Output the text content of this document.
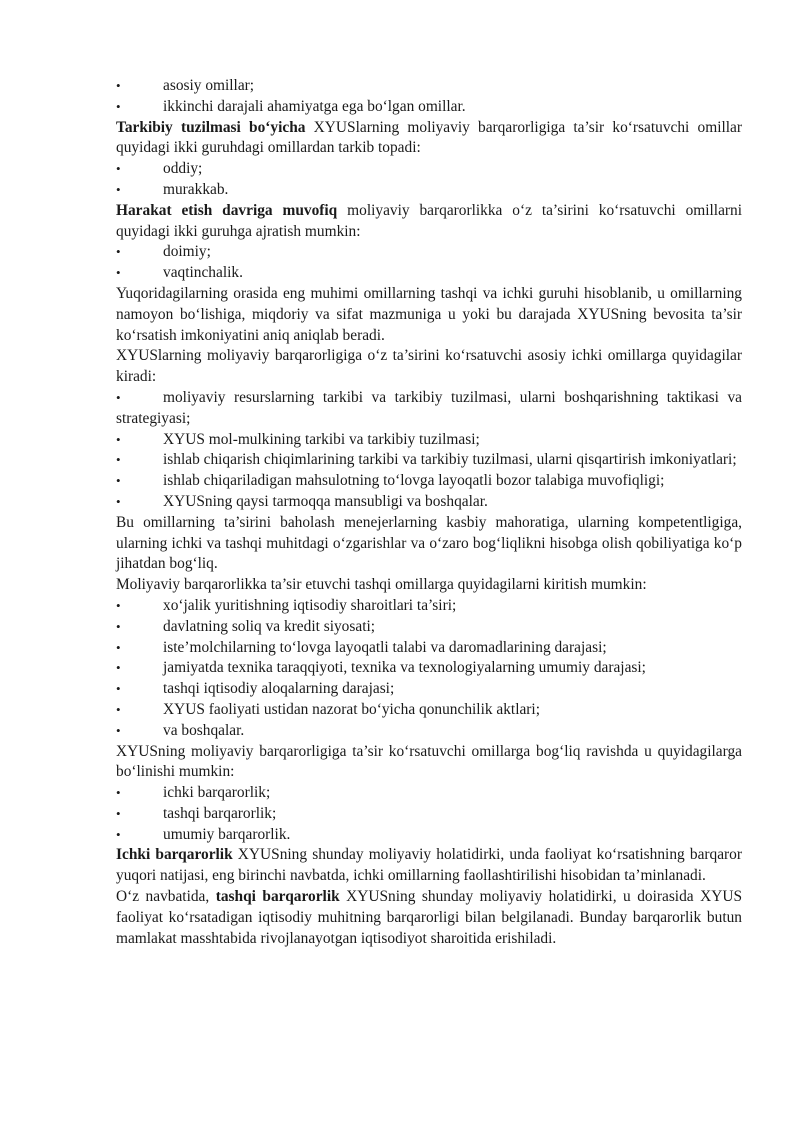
•	asosiy omillar;

•	ikkinchi darajali ahamiyatga ega bo‘lgan omillar.

Tarkibiy tuzilmasi bo‘yicha XYUSlarning moliyaviy barqarorligiga ta’sir ko‘rsatuvchi omillar quyidagi ikki guruhdagi omillardan tarkib topadi:

•	oddiy;

•	murakkab.

Harakat etish davriga muvofiq moliyaviy barqarorlikka o‘z ta’sirini ko‘rsatuvchi omillarni quyidagi ikki guruhga ajratish mumkin:

•	doimiy;

•	vaqtinchalik.

Yuqoridagilarning orasida eng muhimi omillarning tashqi va ichki guruhi hisoblanib, u omillarning namoyon bo‘lishiga, miqdoriy va sifat mazmuniga u yoki bu darajada XYUSning bevosita ta’sir ko‘rsatish imkoniyatini aniq aniqlab beradi.

XYUSlarning moliyaviy barqarorligiga o‘z ta’sirini ko‘rsatuvchi asosiy ichki omillarga quyidagilar kiradi:

•	moliyaviy resurslarning tarkibi va tarkibiy tuzilmasi, ularni boshqarishning taktikasi va strategiyasi;

•	XYUS mol-mulkining tarkibi va tarkibiy tuzilmasi;

•	ishlab chiqarish chiqimlarining tarkibi va tarkibiy tuzilmasi, ularni qisqartirish imkoniyatlari;

•	ishlab chiqariladigan mahsulotning to‘lovga layoqatli bozor talabiga muvofiqligi;

•	XYUSning qaysi tarmoqqa mansubligi va boshqalar.

Bu omillarning ta’sirini baholash menejerlarning kasbiy mahoratiga, ularning kompetentligiga, ularning ichki va tashqi muhitdagi o‘zgarishlar va o‘zaro bog‘liqlikni hisobga olish qobiliyatiga ko‘p jihatdan bog‘liq.

Moliyaviy barqarorlikka ta’sir etuvchi tashqi omillarga quyidagilarni kiritish mumkin:

•	xo‘jalik yuritishning iqtisodiy sharoitlari ta’siri;

•	davlatning soliq va kredit siyosati;

•	iste’molchilarning to‘lovga layoqatli talabi va daromadlarining darajasi;

•	jamiyatda texnika taraqqiyoti, texnika va texnologiyalarning umumiy darajasi;

•	tashqi iqtisodiy aloqalarning darajasi;

•	XYUS faoliyati ustidan nazorat bo‘yicha qonunchilik aktlari;

•	va boshqalar.

XYUSning moliyaviy barqarorligiga ta’sir ko‘rsatuvchi omillarga bog‘liq ravishda u quyidagilarga bo‘linishi mumkin:

•	ichki barqarorlik;

•	tashqi barqarorlik;

•	umumiy barqarorlik.

Ichki barqarorlik XYUSning shunday moliyaviy holatidirki, unda faoliyat ko‘rsatishning barqaror yuqori natijasi, eng birinchi navbatda, ichki omillarning faollashtirilishi hisobidan ta’minlanadi.

O‘z navbatida, tashqi barqarorlik XYUSning shunday moliyaviy holatidirki, u doirasida XYUS faoliyat ko‘rsatadigan iqtisodiy muhitning barqarorligi bilan belgilanadi. Bunday barqarorlik butun mamlakat masshtabida rivojlanayotgan iqtisodiyot sharoitida erishiladi.
